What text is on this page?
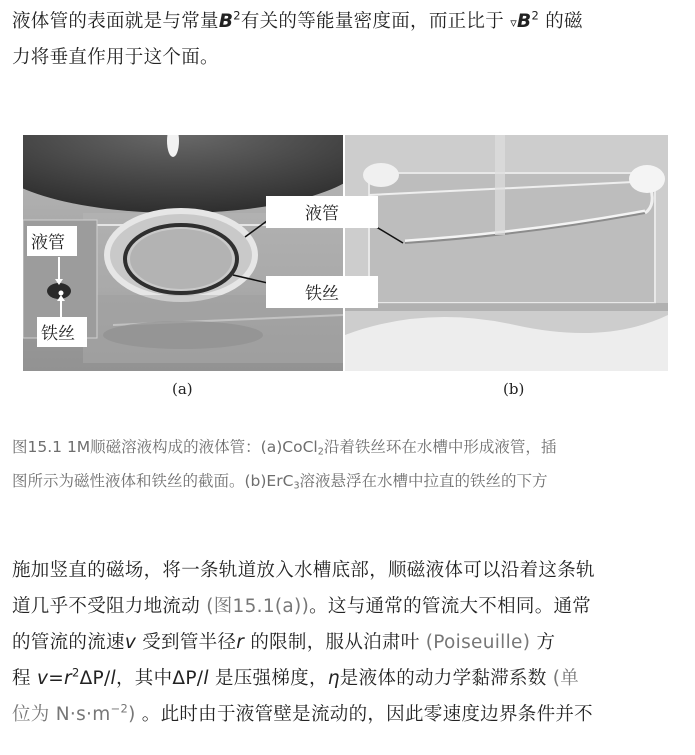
液体管的表面就是与常量$B^2$有关的等能量密度面，而正比于 $▿B^2$ 的磁
力将垂直作用于这个面。
液管
铁丝
液管
铁丝
(a)	(b)
图15.1 1M顺磁溶液构成的液体管：(a)CoCl$_2$沿着铁丝环在水槽中形成液管，插
图所示为磁性液体和铁丝的截面。(b)ErC$_3$溶液悬浮在水槽中拉直的铁丝的下方
施加竖直的磁场，将一条轨道放入水槽底部，顺磁液体可以沿着这条轨
道几乎不受阻力地流动 (图15.1(a))。这与通常的管流大不相同。通常
的管流的流速v 受到管半径r 的限制，服从泊肃叶 (Poiseuille) 方
程 $v=r^2\Delta P/l$，其中ΔP/l 是压强梯度，η是液体的动力学黏滞系数 (单
位为 N·s·m$^{-2}$) 。此时由于液管壁是流动的，因此零速度边界条件并不
